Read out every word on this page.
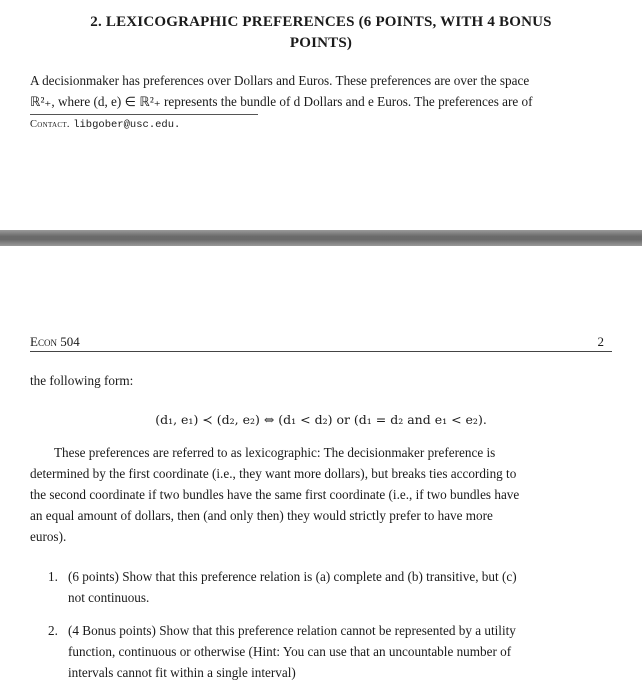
2. LEXICOGRAPHIC PREFERENCES (6 POINTS, WITH 4 BONUS
POINTS)
A decisionmaker has preferences over Dollars and Euros. These preferences are over the space
ℝ²₊, where (d, e) ∈ ℝ²₊ represents the bundle of d Dollars and e Euros. The preferences are of
Contact. libgober@usc.edu.
Econ 504	2
the following form:
(d₁, e₁) ≺ (d₂, e₂) ⇔ (d₁ < d₂) or (d₁ = d₂ and e₁ < e₂).
These preferences are referred to as lexicographic: The decisionmaker preference is
determined by the first coordinate (i.e., they want more dollars), but breaks ties according to
the second coordinate if two bundles have the same first coordinate (i.e., if two bundles have
an equal amount of dollars, then (and only then) they would strictly prefer to have more
euros).
1. (6 points) Show that this preference relation is (a) complete and (b) transitive, but (c)
not continuous.
2. (4 Bonus points) Show that this preference relation cannot be represented by a utility
function, continuous or otherwise (Hint: You can use that an uncountable number of
intervals cannot fit within a single interval)
